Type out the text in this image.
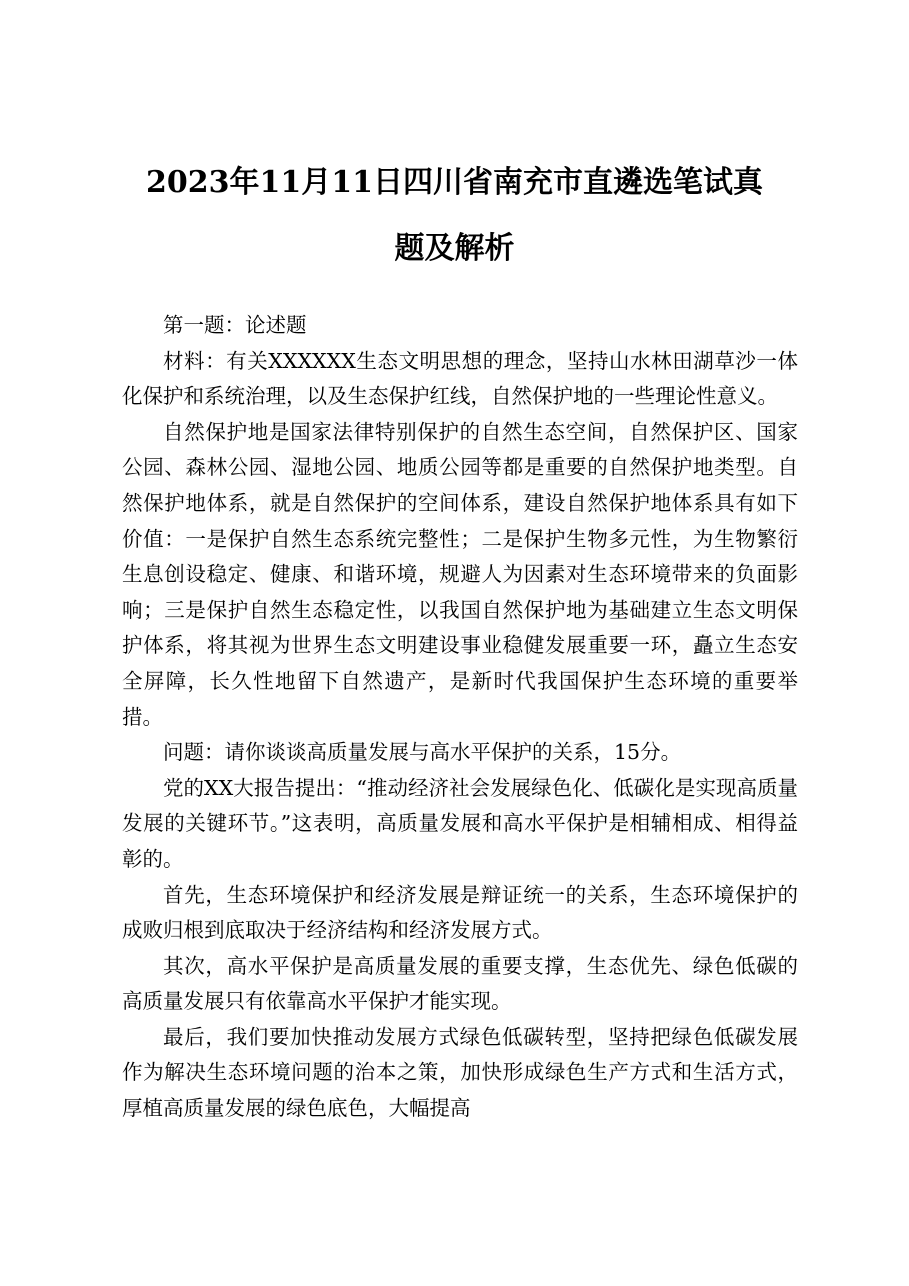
2023年11月11日四川省南充市直遴选笔试真
题及解析

第一题：论述题

材料：有关XXXXXX生态文明思想的理念，坚持山水林田湖草沙一体化保护和系统治理，以及生态保护红线，自然保护地的一些理论性意义。

自然保护地是国家法律特别保护的自然生态空间，自然保护区、国家公园、森林公园、湿地公园、地质公园等都是重要的自然保护地类型。自然保护地体系，就是自然保护的空间体系，建设自然保护地体系具有如下价值：一是保护自然生态系统完整性；二是保护生物多元性，为生物繁衍生息创设稳定、健康、和谐环境，规避人为因素对生态环境带来的负面影响；三是保护自然生态稳定性，以我国自然保护地为基础建立生态文明保护体系，将其视为世界生态文明建设事业稳健发展重要一环，矗立生态安全屏障，长久性地留下自然遗产，是新时代我国保护生态环境的重要举措。

问题：请你谈谈高质量发展与高水平保护的关系，15分。

党的XX大报告提出：“推动经济社会发展绿色化、低碳化是实现高质量发展的关键环节。”这表明，高质量发展和高水平保护是相辅相成、相得益彰的。

首先，生态环境保护和经济发展是辩证统一的关系，生态环境保护的成败归根到底取决于经济结构和经济发展方式。

其次，高水平保护是高质量发展的重要支撑，生态优先、绿色低碳的高质量发展只有依靠高水平保护才能实现。

最后，我们要加快推动发展方式绿色低碳转型，坚持把绿色低碳发展作为解决生态环境问题的治本之策，加快形成绿色生产方式和生活方式，厚植高质量发展的绿色底色，大幅提高
